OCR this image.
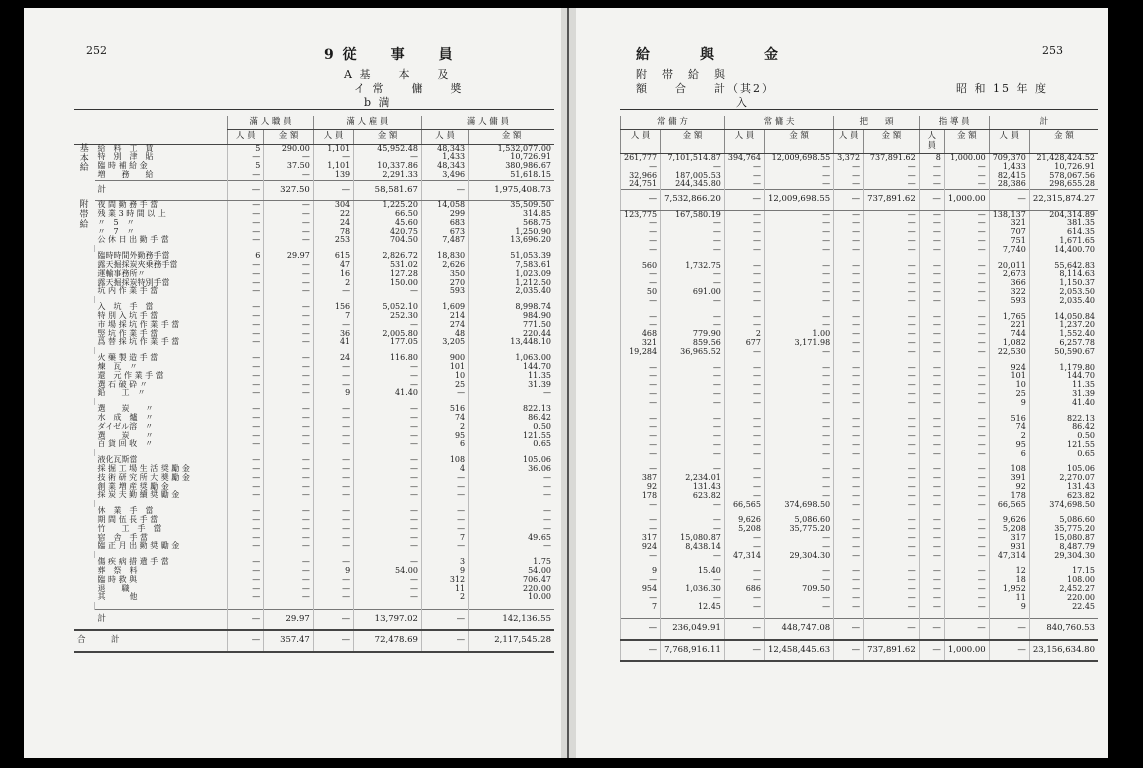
252	9 従　　事　　員
A 基　　本　　及
イ 常　　傭　　奬
b 満
		滿 人 職 員		滿 人 雇 員		滿 人 傭 員	
		人 員	金 額	人 員	金 額	人 員	金 額
基本給	給　料　工　賃	5	290.00	1,101	45,952.48	48,343	1,532,077.00
	特　別　津　貼	—	—	—	—	1,433	10,726.91
	臨 時 補 給 金	5	37.50	1,101	10,337.86	48,343	380,986.67
	増　　務　　給	—	—	139	2,291.33	3,496	51,618.15
	計	—	327.50	—	58,581.67	—	1,975,408.73
附帯給	夜 間 勤 務 手 當	—	—	304	1,225.20	14,058	35,509.50
	残 業 3 時 間 以 上	—	—	22	66.50	299	314.85
	〃　5　〃	—	—	24	45.60	683	568.75
	〃　7　〃	—	—	78	420.75	673	1,250.90
	公 休 日 出 勤 手 當	—	—	253	704.50	7,487	13,696.20

	臨時時間外勤務手當	6	29.97	615	2,826.72	18,830	51,053.39
	露天掘採炭夾乗務手當	—	—	47	531.02	2,626	7,583.61
	運輸事務所〃	—	—	16	127.28	350	1,023.09
	露天掘採炭特別手當	—	—	2	150.00	270	1,212.50
	坑 内 作 業 手 當	—	—	—	—	593	2,035.40

	入　坑　手　當	—	—	156	5,052.10	1,609	8,998.74
	特 別 入 坑 手 當	—	—	7	252.30	214	984.90
	市 場 採 坑 作 業 手 當	—	—	—	—	274	771.50
	竪 坑 作 業 手 當	—	—	36	2,005.80	48	220.44
	爲 替 採 坑 作 業 手 當	—	—	41	177.05	3,205	13,448.10

	火 藥 製 造 手 當	—	—	24	116.80	900	1,063.00
	煉　瓦　〃	—	—	—	—	101	144.70
	還　元 作 業 手 當	—	—	—	—	10	11.35
	選 石 破 砕 〃	—	—	—	—	25	31.39
	鉛　　工　〃	—	—	9	41.40	—	—

	選　　炭　　〃	—	—	—	—	516	822.13
	水　成　爐　〃	—	—	—	—	74	86.42
	ダイゼル溶　〃	—	—	—	—	2	0.50
	選　　炭　　〃	—	—	—	—	95	121.55
	百 貨 回 收　〃	—	—	—	—	6	0.65

	液化瓦斯當	—	—	—	—	108	105.06
	採 掘 工 場 生 活 奨 勵 金	—	—	—	—	4	36.06
	技 術 研 究 所 大 奬 勵 金	—	—	—	—	—	—
	創 業 増 産 奨 勵 金	—	—	—	—	—	—
	採 炭 夫 勤 續 奨 勵 金	—	—	—	—	—	—

	休　業　手　當	—	—	—	—	—	—
	期 間 伍 長 手 當	—	—	—	—	—	—
	竹　　工　手　當	—	—	—	—	—	—
	宿　舎　手 當	—	—	—	—	7	49.65
	臨 正 月 出 勤 奨 勵 金	—	—	—	—	—	—

	傷 疾 病 措 遺 手 當	—	—	—	—	3	1.75
	葬　祭　料	—	—	9	54.00	9	54.00
	臨 時 救 與	—	—	—	—	312	706.47
	退　　職	—	—	—	—	11	220.00
	其　　　他	—	—	—	—	2	10.00

	計	—	29.97	—	13,797.02	—	142,136.55
合　　　計		—	357.47	—	72,478.69	—	2,117,545.28
253
給　　　與　　　金
附　帯　給　與
額　　合　　計（其2）
入
昭 和 15 年 度
常 傭 方		常 傭 夫		把　　頭		指 導 員		計	
人 員	金 額	人 員	金 額	人 員	金 額	人 員	金 額	人 員	金 額
261,777	7,101,514.87	394,764	12,009,698.55	3,372	737,891.62	8	1,000.00	709,370	21,428,424.52
—	—	—	—	—	—	—	—	1,433	10,726.91
32,966	187,005.53	—	—	—	—	—	—	82,415	578,067.56
24,751	244,345.80	—	—	—	—	—	—	28,386	298,655.28
—	7,532,866.20	—	12,009,698.55	—	737,891.62	—	1,000.00	—	22,315,874.27
123,775	167,580.19	—	—	—	—	—	—	138,137	204,314.89
—	—	—	—	—	—	—	—	321	381.35
—	—	—	—	—	—	—	—	707	614.35
—	—	—	—	—	—	—	—	751	1,671.65
—	—	—	—	—	—	—	—	7,740	14,400.70

560	1,732.75	—	—	—	—	—	—	20,011	55,642.83
—	—	—	—	—	—	—	—	2,673	8,114.63
—	—	—	—	—	—	—	—	366	1,150.37
50	691.00	—	—	—	—	—	—	322	2,053.50
—	—	—	—	—	—	—	—	593	2,035.40

—	—	—	—	—	—	—	—	1,765	14,050.84
—	—	—	—	—	—	—	—	221	1,237.20
468	779.90	2	1.00	—	—	—	—	744	1,552.40
321	859.56	677	3,171.98	—	—	—	—	1,082	6,257.78
19,284	36,965.52	—	—	—	—	—	—	22,530	50,590.67

—	—	—	—	—	—	—	—	924	1,179.80
—	—	—	—	—	—	—	—	101	144.70
—	—	—	—	—	—	—	—	10	11.35
—	—	—	—	—	—	—	—	25	31.39
—	—	—	—	—	—	—	—	9	41.40

—	—	—	—	—	—	—	—	516	822.13
—	—	—	—	—	—	—	—	74	86.42
—	—	—	—	—	—	—	—	2	0.50
—	—	—	—	—	—	—	—	95	121.55
—	—	—	—	—	—	—	—	6	0.65

—	—	—	—	—	—	—	—	108	105.06
387	2,234.01	—	—	—	—	—	—	391	2,270.07
92	131.43	—	—	—	—	—	—	92	131.43
178	623.82	—	—	—	—	—	—	178	623.82
—	—	66,565	374,698.50	—	—	—	—	66,565	374,698.50

—	—	9,626	5,086.60	—	—	—	—	9,626	5,086.60
—	—	5,208	35,775.20	—	—	—	—	5,208	35,775.20
317	15,080.87	—	—	—	—	—	—	317	15,080.87
924	8,438.14	—	—	—	—	—	—	931	8,487.79
—	—	47,314	29,304.30	—	—	—	—	47,314	29,304.30

9	15.40	—	—	—	—	—	—	12	17.15
—	—	—	—	—	—	—	—	18	108.00
954	1,036.30	686	709.50	—	—	—	—	1,952	2,452.27
—	—	—	—	—	—	—	—	11	220.00
7	12.45	—	—	—	—	—	—	9	22.45

—	236,049.91	—	448,747.08	—	—	—	—	—	840,760.53
—	7,768,916.11	—	12,458,445.63	—	737,891.62	—	1,000.00	—	23,156,634.80
